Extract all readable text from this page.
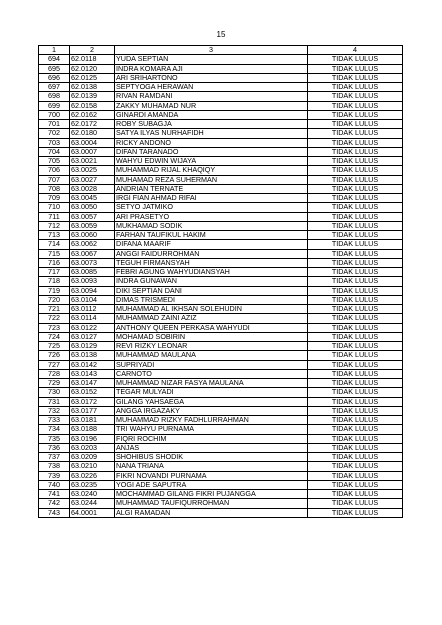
15
1	2	3	4
694	62.0118	YUDA SEPTIAN	TIDAK LULUS
695	62.0120	INDRA KOMARA AJI	TIDAK LULUS
696	62.0125	ARI SRIHARTONO	TIDAK LULUS
697	62.0138	SEPTYOGA HERAWAN	TIDAK LULUS
698	62.0139	RIVAN RAMDANI	TIDAK LULUS
699	62.0158	ZAKKY MUHAMAD NUR	TIDAK LULUS
700	62.0162	GINARDI AMANDA	TIDAK LULUS
701	62.0172	ROBY SUBAGJA	TIDAK LULUS
702	62.0180	SATYA ILYAS NURHAFIDH	TIDAK LULUS
703	63.0004	RICKY ANDONO	TIDAK LULUS
704	63.0007	DIFAN TARANADO	TIDAK LULUS
705	63.0021	WAHYU EDWIN WIJAYA	TIDAK LULUS
706	63.0025	MUHAMMAD RIJAL KHAQIQY	TIDAK LULUS
707	63.0027	MUHAMAD REZA SUHERMAN	TIDAK LULUS
708	63.0028	ANDRIAN TERNATE	TIDAK LULUS
709	63.0045	IRGI FIAN AHMAD RIFAI	TIDAK LULUS
710	63.0050	SETYO JATMIKO	TIDAK LULUS
711	63.0057	ARI PRASETYO	TIDAK LULUS
712	63.0059	MUKHAMAD SODIK	TIDAK LULUS
713	63.0060	FARHAN TAUFIKUL HAKIM	TIDAK LULUS
714	63.0062	DIFANA MAARIF	TIDAK LULUS
715	63.0067	ANGGI FAIDURROHMAN	TIDAK LULUS
716	63.0073	TEGUH FIRMANSYAH	TIDAK LULUS
717	63.0085	FEBRI AGUNG WAHYUDIANSYAH	TIDAK LULUS
718	63.0093	INDRA GUNAWAN	TIDAK LULUS
719	63.0094	DIKI SEPTIAN DANI	TIDAK LULUS
720	63.0104	DIMAS TRISMEDI	TIDAK LULUS
721	63.0112	MUHAMMAD AL IKHSAN SOLEHUDIN	TIDAK LULUS
722	63.0114	MUHAMMAD ZAINI AZIZ	TIDAK LULUS
723	63.0122	ANTHONY QUEEN PERKASA WAHYUDI	TIDAK LULUS
724	63.0127	MOHAMAD SOBIRIN	TIDAK LULUS
725	63.0129	REVI RIZKY LEONAR	TIDAK LULUS
726	63.0138	MUHAMMAD MAULANA	TIDAK LULUS
727	63.0142	SUPRIYADI	TIDAK LULUS
728	63.0143	CARNOTO	TIDAK LULUS
729	63.0147	MUHAMMAD NIZAR FASYA MAULANA	TIDAK LULUS
730	63.0152	TEGAR MULYADI	TIDAK LULUS
731	63.0172	GILANG YAHSAEGA	TIDAK LULUS
732	63.0177	ANGGA IRGAZAKY	TIDAK LULUS
733	63.0181	MUHAMMAD RIZKY FADHLURRAHMAN	TIDAK LULUS
734	63.0188	TRI WAHYU PURNAMA	TIDAK LULUS
735	63.0196	FIQRI ROCHIM	TIDAK LULUS
736	63.0203	ANJAS	TIDAK LULUS
737	63.0209	SHOHIBUS SHODIK	TIDAK LULUS
738	63.0210	NANA TRIANA	TIDAK LULUS
739	63.0226	FIKRI NOVANDI PURNAMA	TIDAK LULUS
740	63.0235	YOGI ADE SAPUTRA	TIDAK LULUS
741	63.0240	MOCHAMMAD GILANG FIKRI PUJANGGA	TIDAK LULUS
742	63.0244	MUHAMMAD TAUFIQURROHMAN	TIDAK LULUS
743	64.0001	ALGI RAMADAN	TIDAK LULUS
